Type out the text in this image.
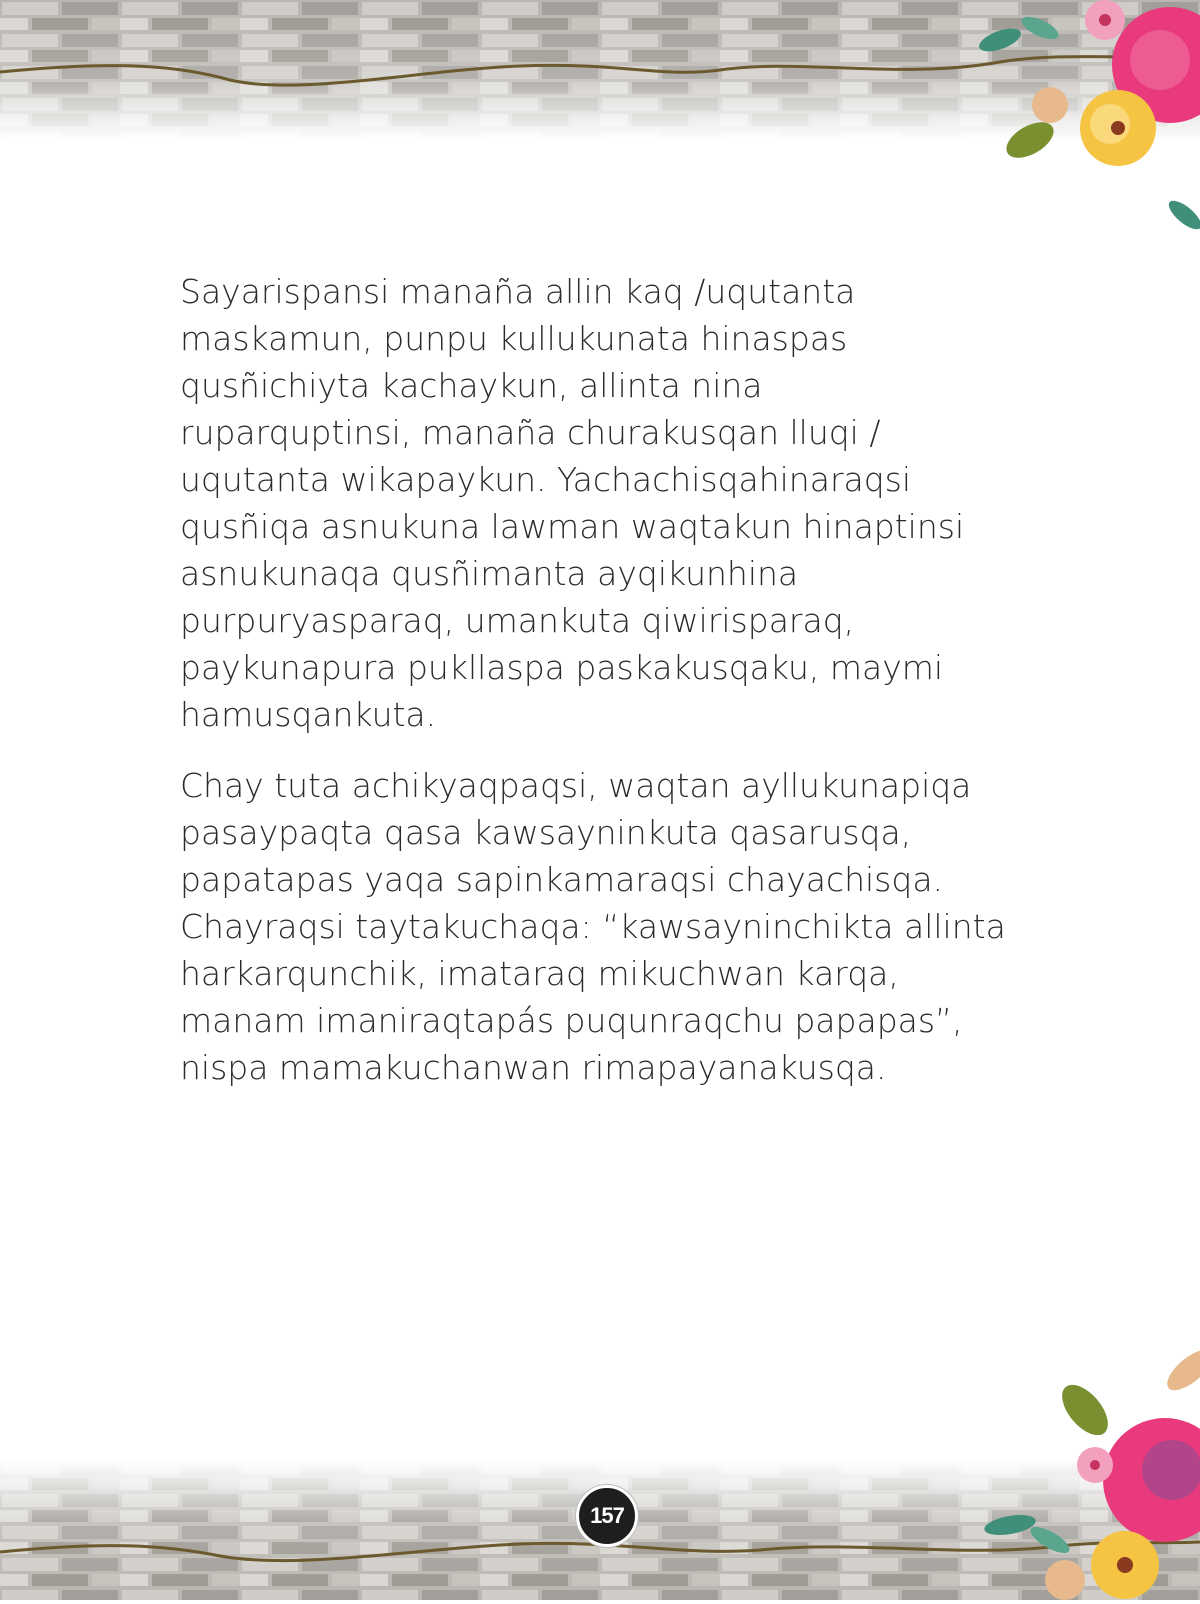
Sayarispansi manaña allin kaq /uqutanta
maskamun, punpu kullukunata hinaspas
qusñichiyta kachaykun, allinta nina
ruparquptinsi, manaña churakusqan lluqi /
uqutanta wikapaykun. Yachachisqahinaraqsi
qusñiqa asnukuna lawman waqtakun hinaptinsi
asnukunaqa qusñimanta ayqikunhina
purpuryasparaq, umankuta qiwirisparaq,
paykunapura pukllaspa paskakusqaku, maymi
hamusqankuta.

Chay tuta achikyaqpaqsi, waqtan ayllukunapiqa
pasaypaqta qasa kawsayninkuta qasarusqa,
papatapas yaqa sapinkamaraqsi chayachisqa.
Chayraqsi taytakuchaqa: “kawsayninchikta allinta
harkarqunchik, imataraq mikuchwan karqa,
manam imaniraqtapás puqunraqchu papapas”,
nispa mamakuchanwan rimapayanakusqa.

157
